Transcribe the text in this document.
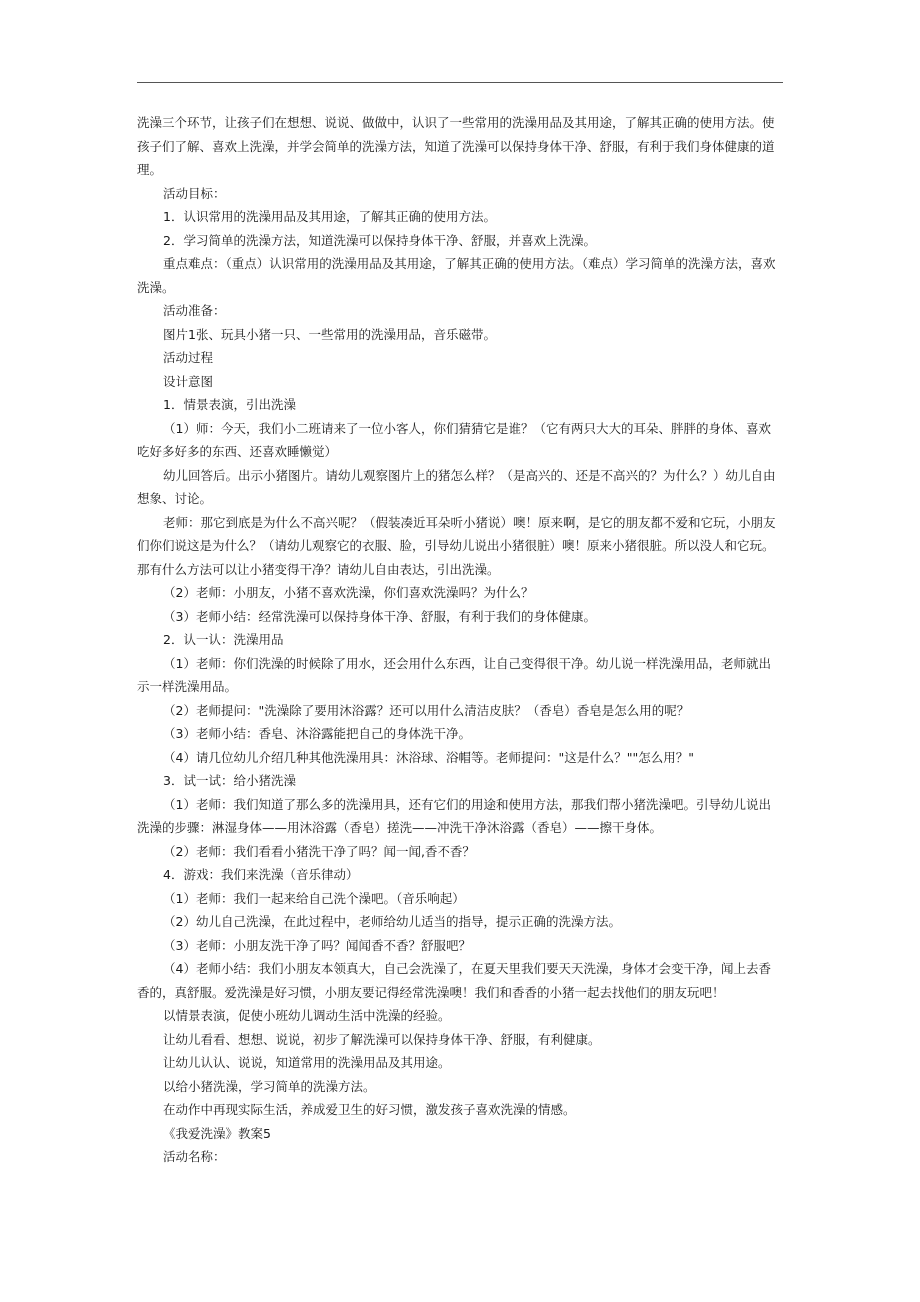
洗澡三个环节，让孩子们在想想、说说、做做中，认识了一些常用的洗澡用品及其用途，了解其正确的使用方法。使孩子们了解、喜欢上洗澡，并学会简单的洗澡方法，知道了洗澡可以保持身体干净、舒服，有利于我们身体健康的道理。

活动目标：

1．认识常用的洗澡用品及其用途，了解其正确的使用方法。

2．学习简单的洗澡方法，知道洗澡可以保持身体干净、舒服，并喜欢上洗澡。

重点难点：（重点）认识常用的洗澡用品及其用途，了解其正确的使用方法。（难点）学习简单的洗澡方法，喜欢洗澡。

活动准备：

图片1张、玩具小猪一只、一些常用的洗澡用品，音乐磁带。

活动过程

设计意图

1．情景表演，引出洗澡

（1）师：今天，我们小二班请来了一位小客人，你们猜猜它是谁？（它有两只大大的耳朵、胖胖的身体、喜欢吃好多好多的东西、还喜欢睡懒觉）

幼儿回答后。出示小猪图片。请幼儿观察图片上的猪怎么样？（是高兴的、还是不高兴的？为什么？）幼儿自由想象、讨论。

老师：那它到底是为什么不高兴呢？（假装凑近耳朵听小猪说）噢！原来啊，是它的朋友都不爱和它玩，小朋友们你们说这是为什么？（请幼儿观察它的衣服、脸，引导幼儿说出小猪很脏）噢！原来小猪很脏。所以没人和它玩。那有什么方法可以让小猪变得干净？请幼儿自由表达，引出洗澡。

（2）老师：小朋友，小猪不喜欢洗澡，你们喜欢洗澡吗？为什么？

（3）老师小结：经常洗澡可以保持身体干净、舒服，有利于我们的身体健康。

2．认一认：洗澡用品

（1）老师：你们洗澡的时候除了用水，还会用什么东西，让自己变得很干净。幼儿说一样洗澡用品，老师就出示一样洗澡用品。

（2）老师提问："洗澡除了要用沐浴露？还可以用什么清洁皮肤？（香皂）香皂是怎么用的呢？

（3）老师小结：香皂、沐浴露能把自己的身体洗干净。

（4）请几位幼儿介绍几种其他洗澡用具：沐浴球、浴帽等。老师提问："这是什么？""怎么用？"

3．试一试：给小猪洗澡

（1）老师：我们知道了那么多的洗澡用具，还有它们的用途和使用方法，那我们帮小猪洗澡吧。引导幼儿说出洗澡的步骤：淋湿身体——用沐浴露（香皂）搓洗——冲洗干净沐浴露（香皂）——擦干身体。

（2）老师：我们看看小猪洗干净了吗？闻一闻,香不香？

4．游戏：我们来洗澡（音乐律动）

（1）老师：我们一起来给自己洗个澡吧。（音乐响起）

（2）幼儿自己洗澡，在此过程中，老师给幼儿适当的指导，提示正确的洗澡方法。

（3）老师：小朋友洗干净了吗？闻闻香不香？舒服吧？

（4）老师小结：我们小朋友本领真大，自己会洗澡了，在夏天里我们要天天洗澡，身体才会变干净，闻上去香香的，真舒服。爱洗澡是好习惯，小朋友要记得经常洗澡噢！我们和香香的小猪一起去找他们的朋友玩吧！

以情景表演，促使小班幼儿调动生活中洗澡的经验。

让幼儿看看、想想、说说，初步了解洗澡可以保持身体干净、舒服，有利健康。

让幼儿认认、说说，知道常用的洗澡用品及其用途。

以给小猪洗澡，学习简单的洗澡方法。

在动作中再现实际生活，养成爱卫生的好习惯，激发孩子喜欢洗澡的情感。

《我爱洗澡》教案5

活动名称：
